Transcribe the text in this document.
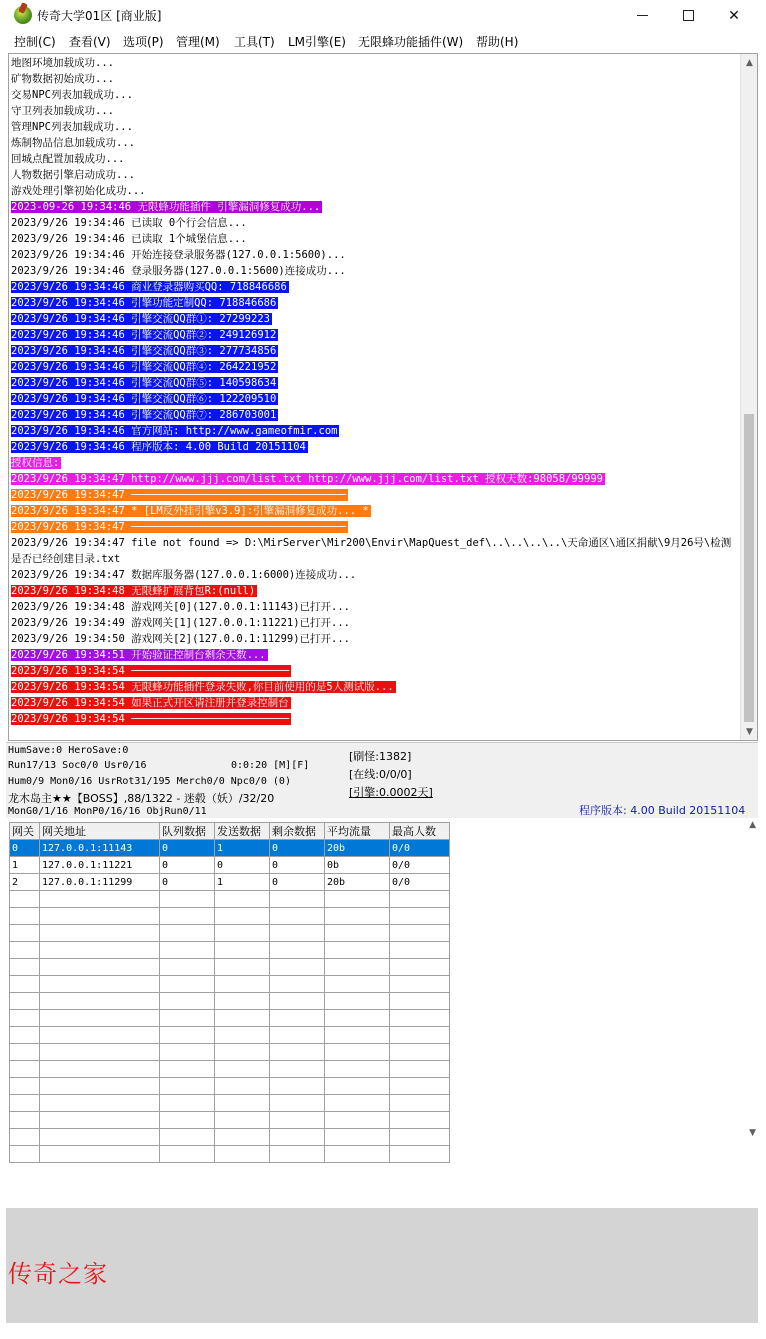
传奇大学01区 [商业版]	✕
控制(C) 查看(V) 选项(P) 管理(M) 工具(T) LM引擎(E) 无限蜂功能插件(W) 帮助(H)
地图环境加载成功...
矿物数据初始成功...
交易NPC列表加载成功...
守卫列表加载成功...
管理NPC列表加载成功...
炼制物品信息加载成功...
回城点配置加载成功...
人物数据引擎启动成功...
游戏处理引擎初始化成功...
2023-09-26 19:34:46 无限蜂功能插件 引擎漏洞修复成功...
2023/9/26 19:34:46 已读取 0个行会信息...
2023/9/26 19:34:46 已读取 1个城堡信息...
2023/9/26 19:34:46 开始连接登录服务器(127.0.0.1:5600)...
2023/9/26 19:34:46 登录服务器(127.0.0.1:5600)连接成功...
2023/9/26 19:34:46 商业登录器购买QQ: 718846686
2023/9/26 19:34:46 引擎功能定制QQ: 718846686
2023/9/26 19:34:46 引擎交流QQ群①: 27299223
2023/9/26 19:34:46 引擎交流QQ群②: 249126912
2023/9/26 19:34:46 引擎交流QQ群③: 277734856
2023/9/26 19:34:46 引擎交流QQ群④: 264221952
2023/9/26 19:34:46 引擎交流QQ群⑤: 140598634
2023/9/26 19:34:46 引擎交流QQ群⑥: 122209510
2023/9/26 19:34:46 引擎交流QQ群⑦: 286703001
2023/9/26 19:34:46 官方网站: http://www.gameofmir.com
2023/9/26 19:34:46 程序版本: 4.00 Build 20151104
授权信息:
2023/9/26 19:34:47 http://www.jjj.com/list.txt http://www.jjj.com/list.txt 授权天数:98058/99999
2023/9/26 19:34:47 ──────────────────────────────────
2023/9/26 19:34:47 * [LM反外挂引擎v3.9]:引擎漏洞修复成功... *
2023/9/26 19:34:47 ──────────────────────────────────
2023/9/26 19:34:47 file not found => D:\MirServer\Mir200\Envir\MapQuest_def\..\..\..\..\天命通区\通区捐献\9月26号\检测是否已经创建目录.txt
2023/9/26 19:34:47 数据库服务器(127.0.0.1:6000)连接成功...
2023/9/26 19:34:48 无限蜂扩展背包R:(null)
2023/9/26 19:34:48 游戏网关[0](127.0.0.1:11143)已打开...
2023/9/26 19:34:49 游戏网关[1](127.0.0.1:11221)已打开...
2023/9/26 19:34:50 游戏网关[2](127.0.0.1:11299)已打开...
2023/9/26 19:34:51 开始验证控制台剩余天数...
2023/9/26 19:34:54 ─────────────────────────
2023/9/26 19:34:54 无限蜂功能插件登录失败,你目前使用的是5人测试版...
2023/9/26 19:34:54 如果正式开区请注册并登录控制台
2023/9/26 19:34:54 ─────────────────────────
▲
▼
HumSave:0 HeroSave:0
Run17/13 Soc0/0 Usr0/16	0:0:20 [M][F]
Hum0/9 Mon0/16 UsrRot31/195 Merch0/0 Npc0/0 (0)
龙木岛主★★【BOSS】,88/1322 - 迷毂（妖）/32/20
MonG0/1/16 MonP0/16/16 ObjRun0/11
[刷怪:1382]
[在线:0/0/0]
[引擎:0.0002天]
程序版本: 4.00 Build 20151104
网关	网关地址	队列数据	发送数据	剩余数据	平均流量	最高人数
0	127.0.0.1:11143	0	1	0	20b	0/0
1	127.0.0.1:11221	0	0	0	0b	0/0
2	127.0.0.1:11299	0	1	0	20b	0/0

▲
▼
传奇之家
